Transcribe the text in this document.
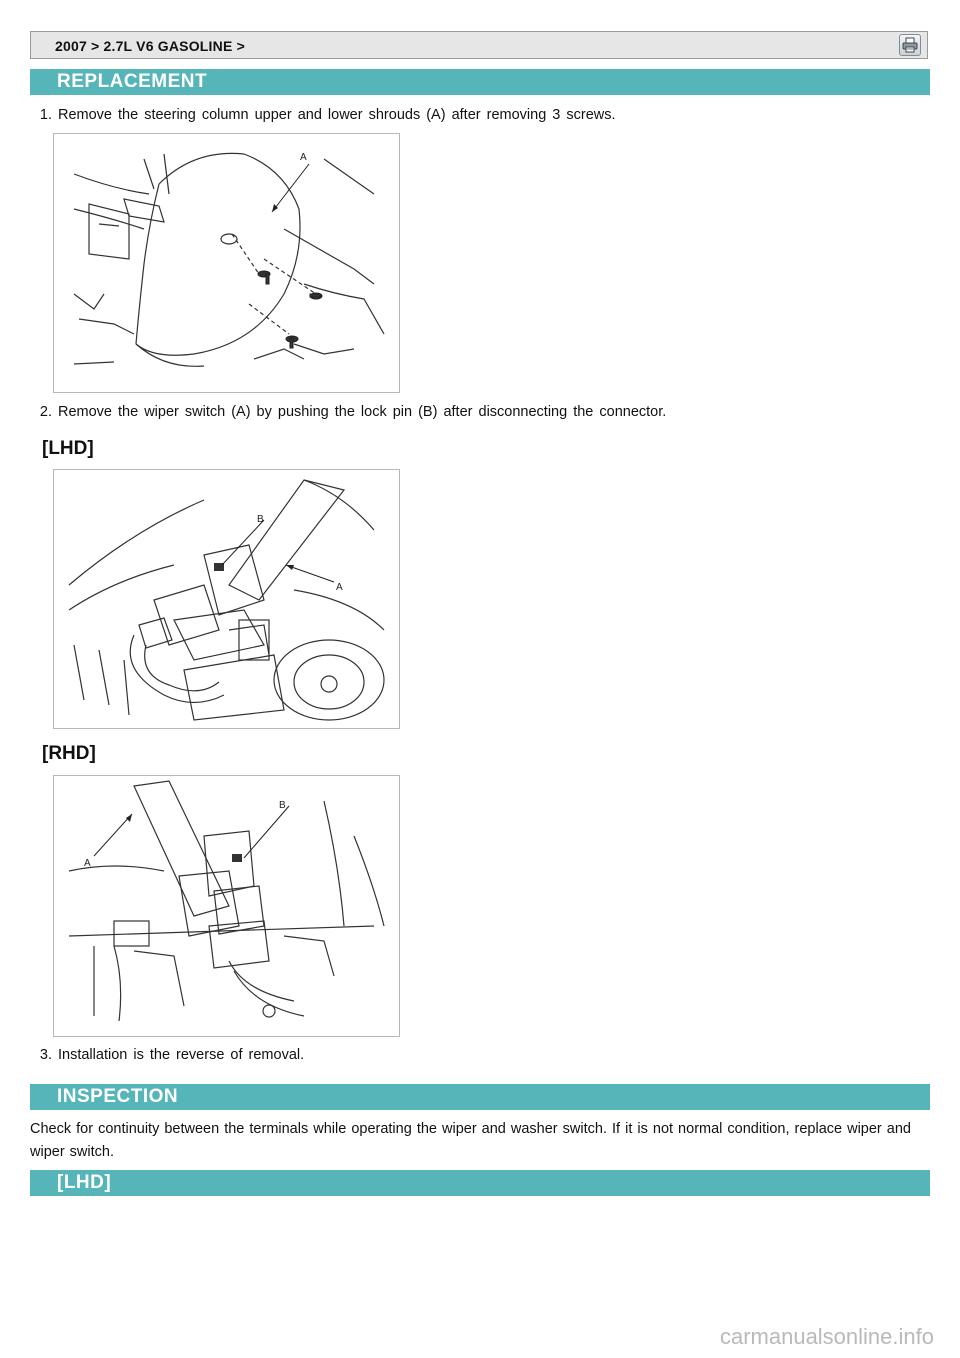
2007 > 2.7L V6 GASOLINE >
REPLACEMENT
1. Remove the steering column upper and lower shrouds (A) after removing 3 screws.
A
2. Remove the wiper switch (A) by pushing the lock pin (B) after disconnecting the connector.
[LHD]
B
A
[RHD]
B
A
3. Installation is the reverse of removal.
INSPECTION
Check for continuity between the terminals while operating the wiper and washer switch. If it is not normal condition, replace wiper and wiper switch.
[LHD]
carmanualsonline.info
